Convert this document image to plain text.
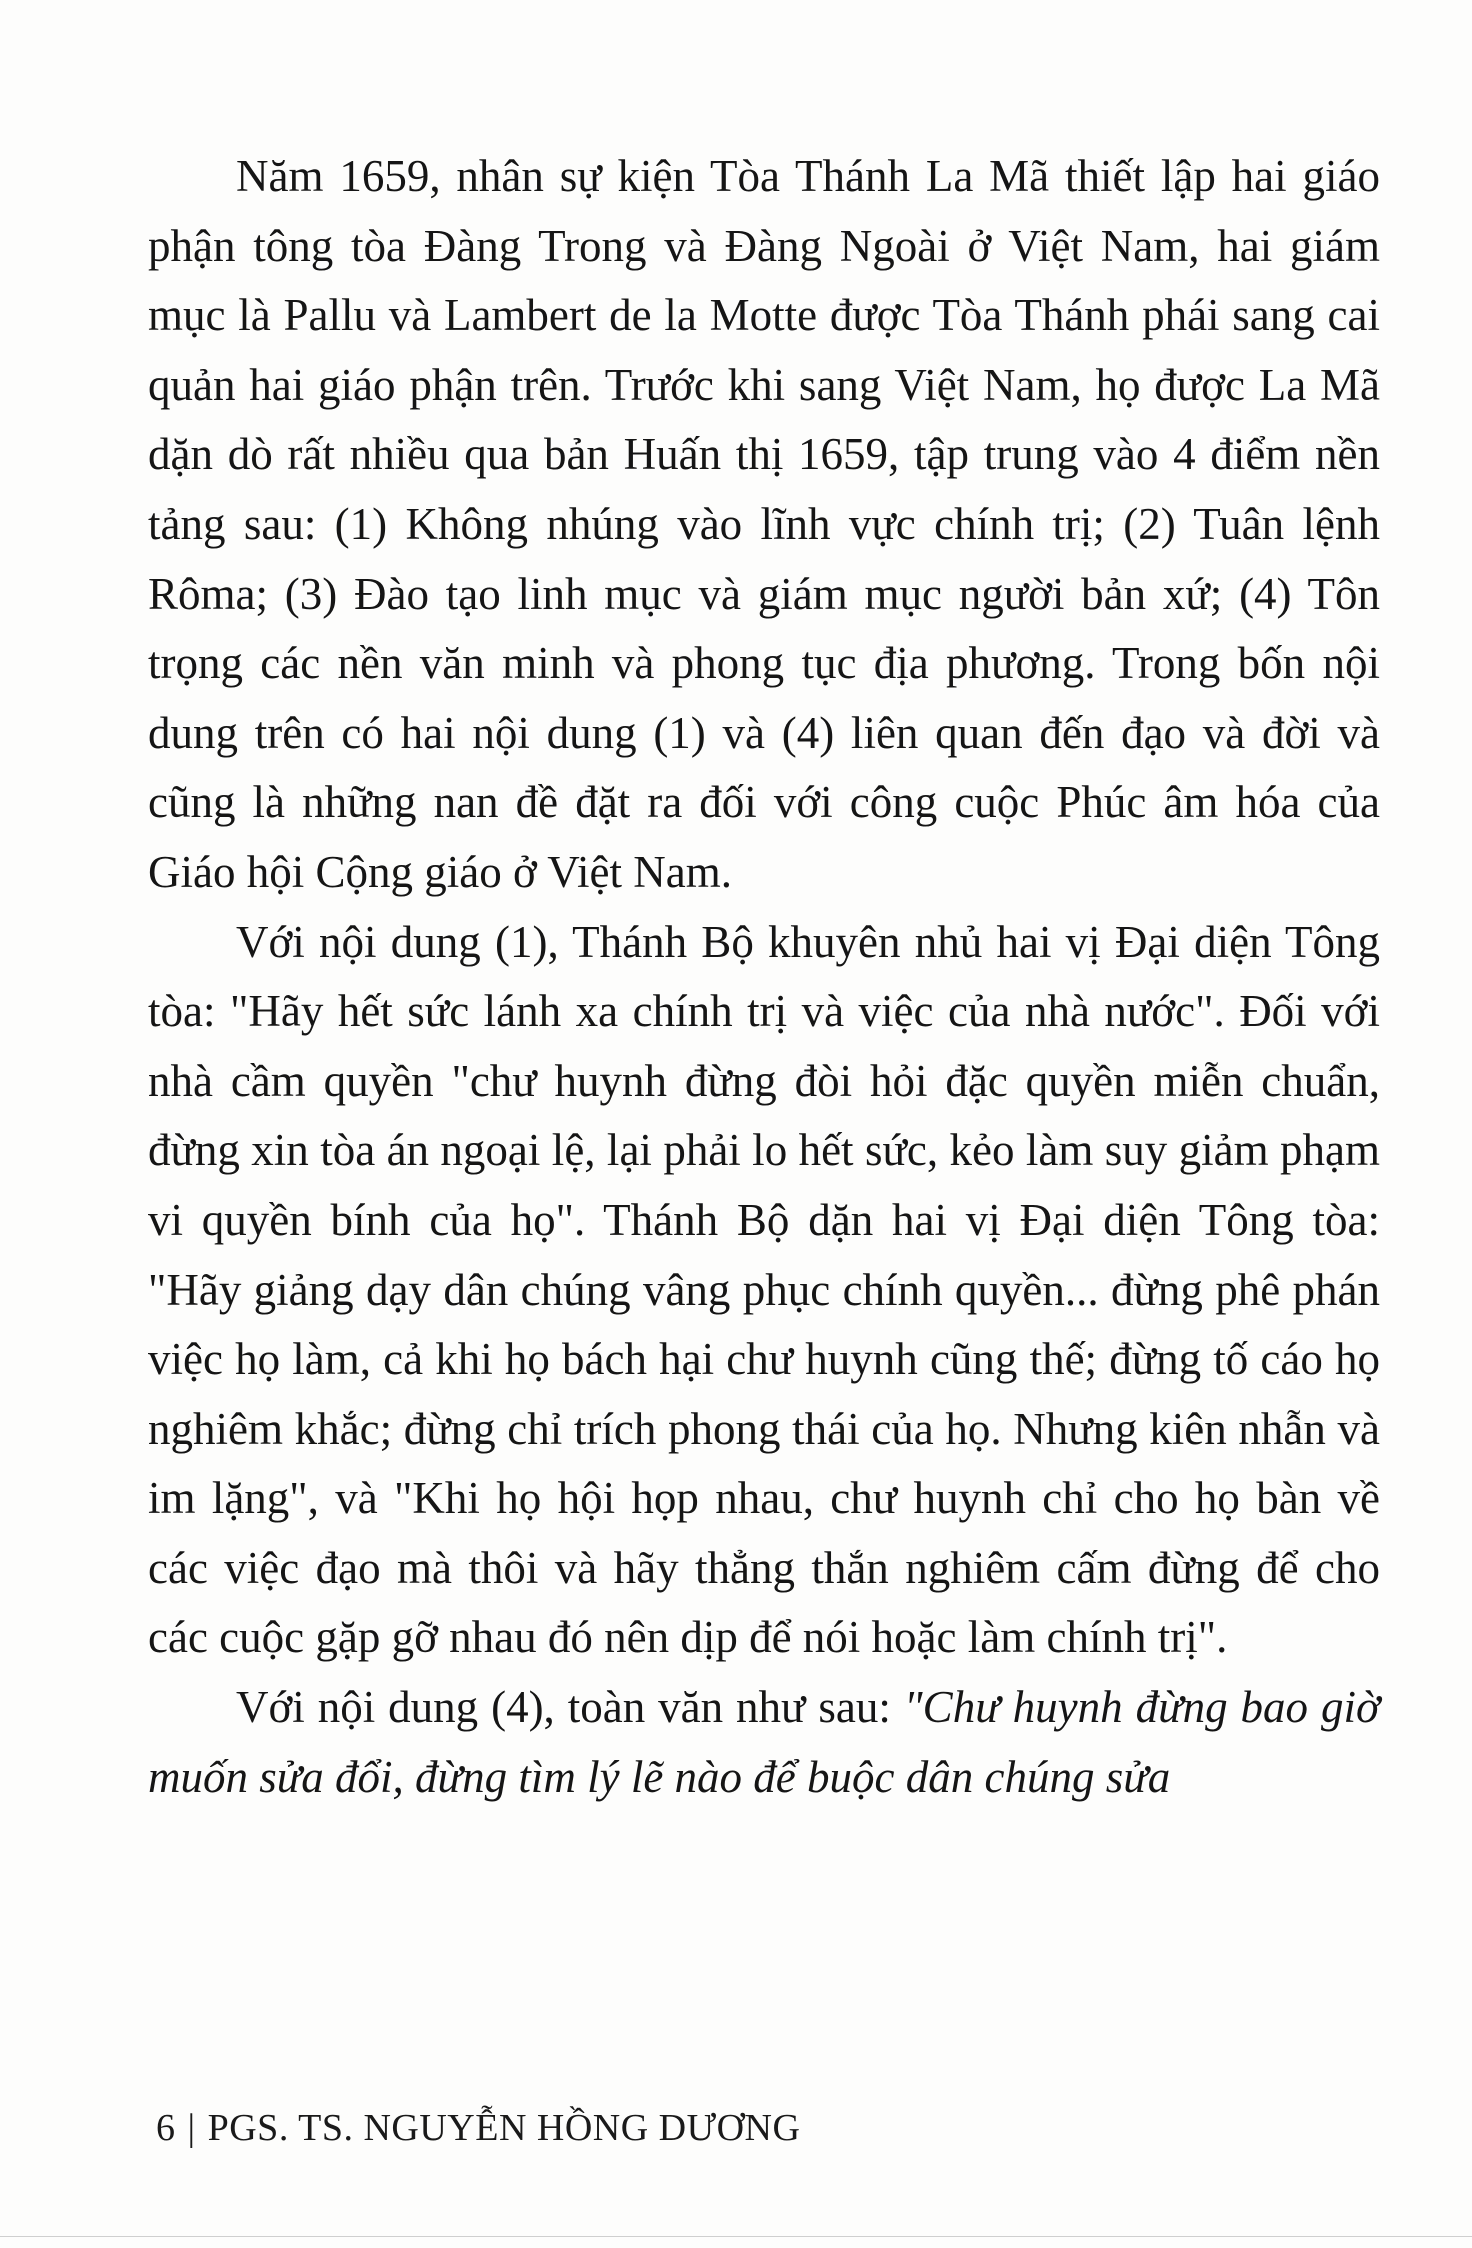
Năm 1659, nhân sự kiện Tòa Thánh La Mã thiết lập hai giáo phận tông tòa Đàng Trong và Đàng Ngoài ở Việt Nam, hai giám mục là Pallu và Lambert de la Motte được Tòa Thánh phái sang cai quản hai giáo phận trên. Trước khi sang Việt Nam, họ được La Mã dặn dò rất nhiều qua bản Huấn thị 1659, tập trung vào 4 điểm nền tảng sau: (1) Không nhúng vào lĩnh vực chính trị; (2) Tuân lệnh Rôma; (3) Đào tạo linh mục và giám mục người bản xứ; (4) Tôn trọng các nền văn minh và phong tục địa phương. Trong bốn nội dung trên có hai nội dung (1) và (4) liên quan đến đạo và đời và cũng là những nan đề đặt ra đối với công cuộc Phúc âm hóa của Giáo hội Cộng giáo ở Việt Nam.

Với nội dung (1), Thánh Bộ khuyên nhủ hai vị Đại diện Tông tòa: "Hãy hết sức lánh xa chính trị và việc của nhà nước". Đối với nhà cầm quyền "chư huynh đừng đòi hỏi đặc quyền miễn chuẩn, đừng xin tòa án ngoại lệ, lại phải lo hết sức, kẻo làm suy giảm phạm vi quyền bính của họ". Thánh Bộ dặn hai vị Đại diện Tông tòa: "Hãy giảng dạy dân chúng vâng phục chính quyền... đừng phê phán việc họ làm, cả khi họ bách hại chư huynh cũng thế; đừng tố cáo họ nghiêm khắc; đừng chỉ trích phong thái của họ. Nhưng kiên nhẫn và im lặng", và "Khi họ hội họp nhau, chư huynh chỉ cho họ bàn về các việc đạo mà thôi và hãy thẳng thắn nghiêm cấm đừng để cho các cuộc gặp gỡ nhau đó nên dịp để nói hoặc làm chính trị".

Với nội dung (4), toàn văn như sau: "Chư huynh đừng bao giờ muốn sửa đổi, đừng tìm lý lẽ nào để buộc dân chúng sửa

6 | PGS. TS. NGUYỄN HỒNG DƯƠNG
